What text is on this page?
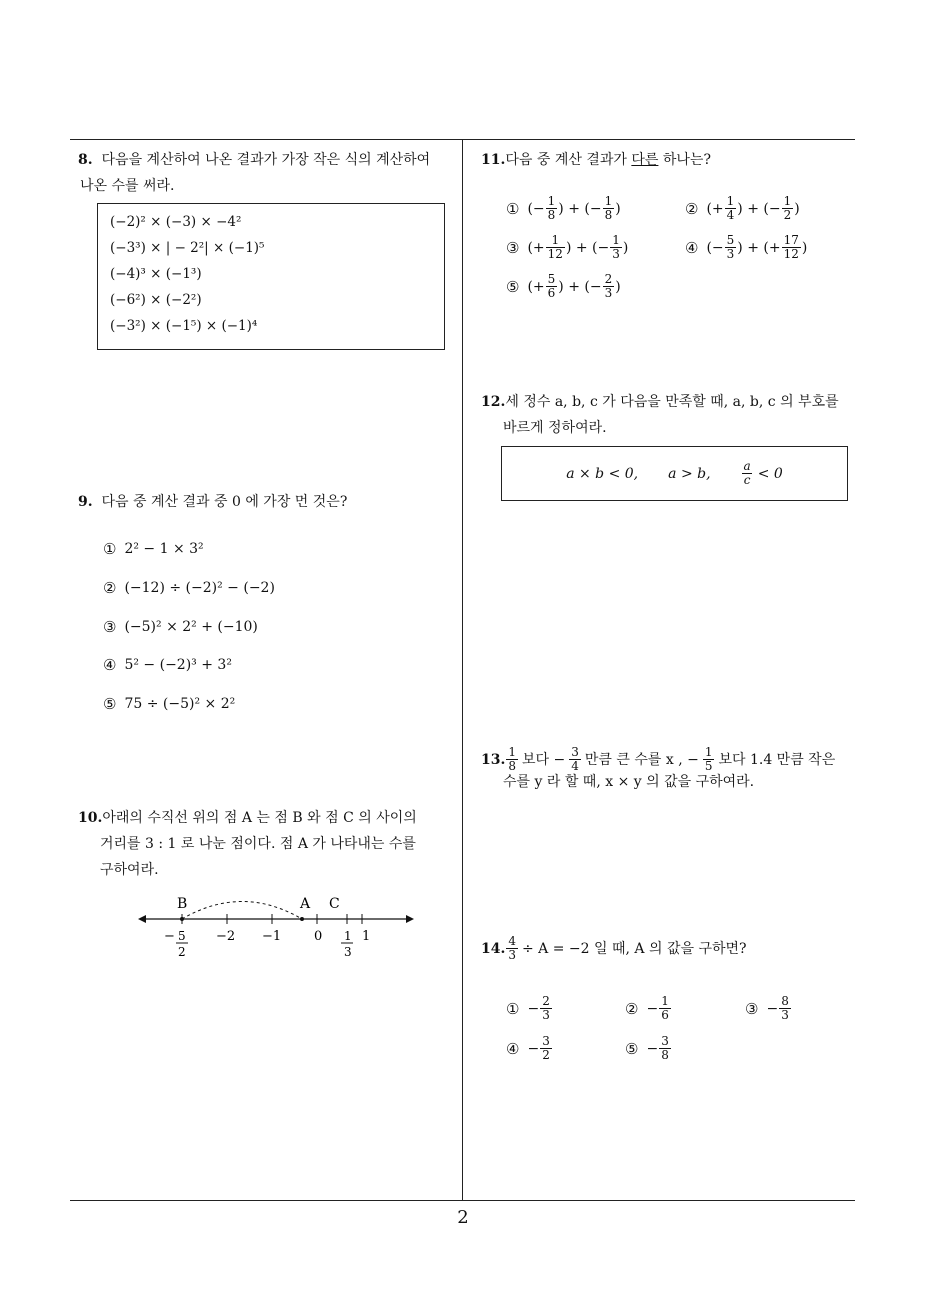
8. 다음을 계산하여 나온 결과가 가장 작은 식의 계산하여
나온 수를 써라.
(−2)² × (−3) × −4²
(−3³) × | − 2²| × (−1)⁵
(−4)³ × (−1³)
(−6²) × (−2²)
(−3²) × (−1⁵) × (−1)⁴
9. 다음 중 계산 결과 중 0 에 가장 먼 것은?
① 2² − 1 × 3²
② (−12) ÷ (−2)² − (−2)
③ (−5)² × 2² + (−10)
④ 5² − (−2)³ + 3²
⑤ 75 ÷ (−5)² × 2²
10.아래의 수직선 위의 점 A 는 점 B 와 점 C 의 사이의
거리를 3 : 1 로 나눈 점이다. 점 A 가 나타내는 수를
구하여라.
B	A C
− 5
2
−2 −1	0 1
3
1
11.다음 중 계산 결과가 다른 하나는?
① (− $\frac{1}{8}$ ) + (− $\frac{1}{8}$ )	② (+ $\frac{1}{4}$ ) + (− $\frac{1}{2}$ )
③ (+ $\frac{1}{12}$ ) + (− $\frac{1}{3}$ )	④ (− $\frac{5}{3}$ ) + (+ $\frac{17}{12}$ )
⑤ (+ $\frac{5}{6}$ ) + (− $\frac{2}{3}$ )
12.세 정수 a, b, c 가 다음을 만족할 때, a, b, c 의 부호를
바르게 정하여라.
a × b < 0, a > b,	$\frac{a}{c} < 0$
13. $\frac{1}{8}$ 보다 − $\frac{3}{4}$ 만큼 큰 수를 x , − $\frac{1}{5}$ 보다 1.4 만큼 작은
수를 y 라 할 때, x × y 의 값을 구하여라.
14. $\frac{4}{3} \div A = -2$ 일 때, A 의 값을 구하면?
① − $\frac{2}{3}$	② − $\frac{1}{6}$	③ − $\frac{8}{3}$
④ − $\frac{3}{2}$	⑤ − $\frac{3}{8}$
2
